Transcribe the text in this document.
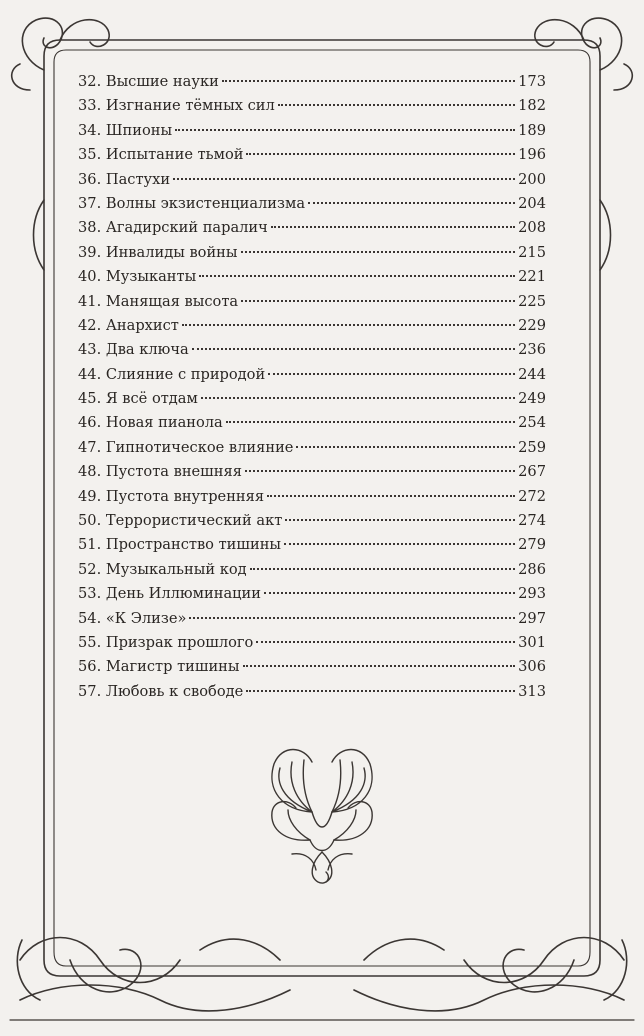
32. Высшие науки	173
33. Изгнание тёмных сил	182
34. Шпионы	189
35. Испытание тьмой	196
36. Пастухи	200
37. Волны экзистенциализма	204
38. Агадирский паралич	208
39. Инвалиды войны	215
40. Музыканты	221
41. Манящая высота	225
42. Анархист	229
43. Два ключа	236
44. Слияние с природой	244
45. Я всё отдам	249
46. Новая пианола	254
47. Гипнотическое влияние	259
48. Пустота внешняя	267
49. Пустота внутренняя	272
50. Террористический акт	274
51. Пространство тишины	279
52. Музыкальный код	286
53. День Иллюминации	293
54. «К Элизе»	297
55. Призрак прошлого	301
56. Магистр тишины	306
57. Любовь к свободе	313
